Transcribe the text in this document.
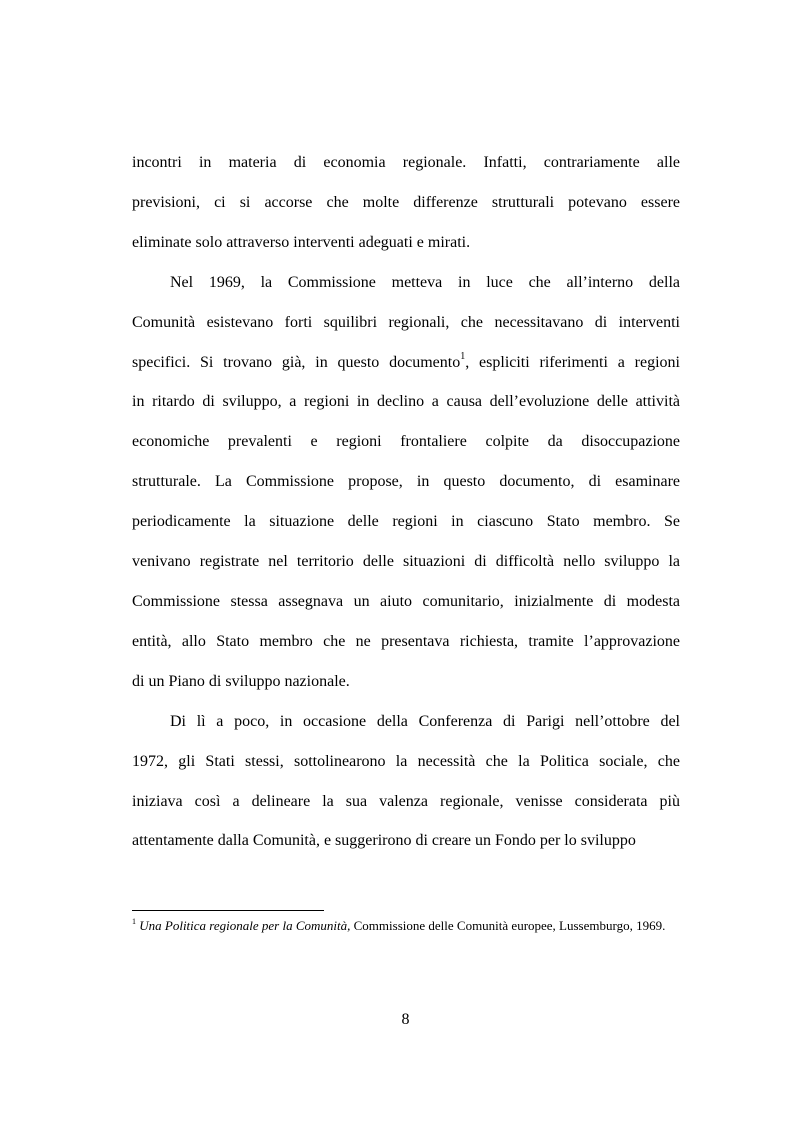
incontri in materia di economia regionale. Infatti, contrariamente alle
previsioni, ci si accorse che molte differenze strutturali potevano essere
eliminate solo attraverso interventi adeguati e mirati.
Nel 1969, la Commissione metteva in luce che all’interno della
Comunità esistevano forti squilibri regionali, che necessitavano di interventi
specifici. Si trovano già, in questo documento$^1$, espliciti riferimenti a regioni
in ritardo di sviluppo, a regioni in declino a causa dell’evoluzione delle attività
economiche prevalenti e regioni frontaliere colpite da disoccupazione
strutturale. La Commissione propose, in questo documento, di esaminare
periodicamente la situazione delle regioni in ciascuno Stato membro. Se
venivano registrate nel territorio delle situazioni di difficoltà nello sviluppo la
Commissione stessa assegnava un aiuto comunitario, inizialmente di modesta
entità, allo Stato membro che ne presentava richiesta, tramite l’approvazione
di un Piano di sviluppo nazionale.
Di lì a poco, in occasione della Conferenza di Parigi nell’ottobre del
1972, gli Stati stessi, sottolinearono la necessità che la Politica sociale, che
iniziava così a delineare la sua valenza regionale, venisse considerata più
attentamente dalla Comunità, e suggerirono di creare un Fondo per lo sviluppo
$^1$ Una Politica regionale per la Comunità, Commissione delle Comunità europee, Lussemburgo, 1969.
8
